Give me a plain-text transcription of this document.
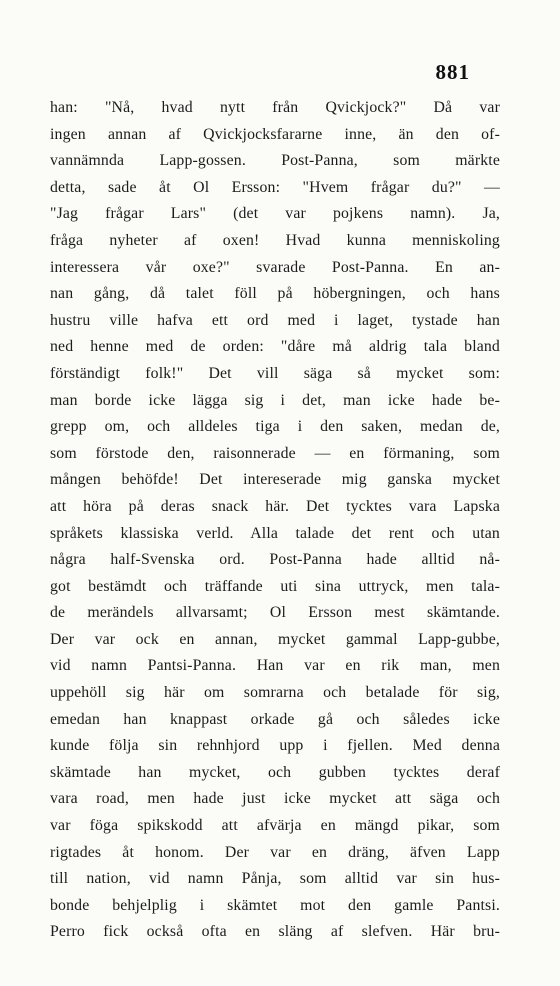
881
han: "Nå, hvad nytt från Qvickjock?" Då var
ingen annan af Qvickjocksfararne inne, än den of-
vannämnda Lapp-gossen. Post-Panna, som märkte
detta, sade åt Ol Ersson: "Hvem frågar du?" —
"Jag frågar Lars" (det var pojkens namn). Ja,
fråga nyheter af oxen! Hvad kunna menniskoling
interessera vår oxe?" svarade Post-Panna. En an-
nan gång, då talet föll på höbergningen, och hans
hustru ville hafva ett ord med i laget, tystade han
ned henne med de orden: "dåre må aldrig tala bland
förständigt folk!" Det vill säga så mycket som:
man borde icke lägga sig i det, man icke hade be-
grepp om, och alldeles tiga i den saken, medan de,
som förstode den, raisonnerade — en förmaning, som
mången behöfde! Det intereserade mig ganska mycket
att höra på deras snack här. Det tycktes vara Lapska
språkets klassiska verld. Alla talade det rent och utan
några half-Svenska ord. Post-Panna hade alltid nå-
got bestämdt och träffande uti sina uttryck, men tala-
de merändels allvarsamt; Ol Ersson mest skämtande.
Der var ock en annan, mycket gammal Lapp-gubbe,
vid namn Pantsi-Panna. Han var en rik man, men
uppehöll sig här om somrarna och betalade för sig,
emedan han knappast orkade gå och således icke
kunde följa sin rehnhjord upp i fjellen. Med denna
skämtade han mycket, och gubben tycktes deraf
vara road, men hade just icke mycket att säga och
var föga spikskodd att afvärja en mängd pikar, som
rigtades åt honom. Der var en dräng, äfven Lapp
till nation, vid namn Pånja, som alltid var sin hus-
bonde behjelplig i skämtet mot den gamle Pantsi.
Perro fick också ofta en släng af slefven. Här bru-
